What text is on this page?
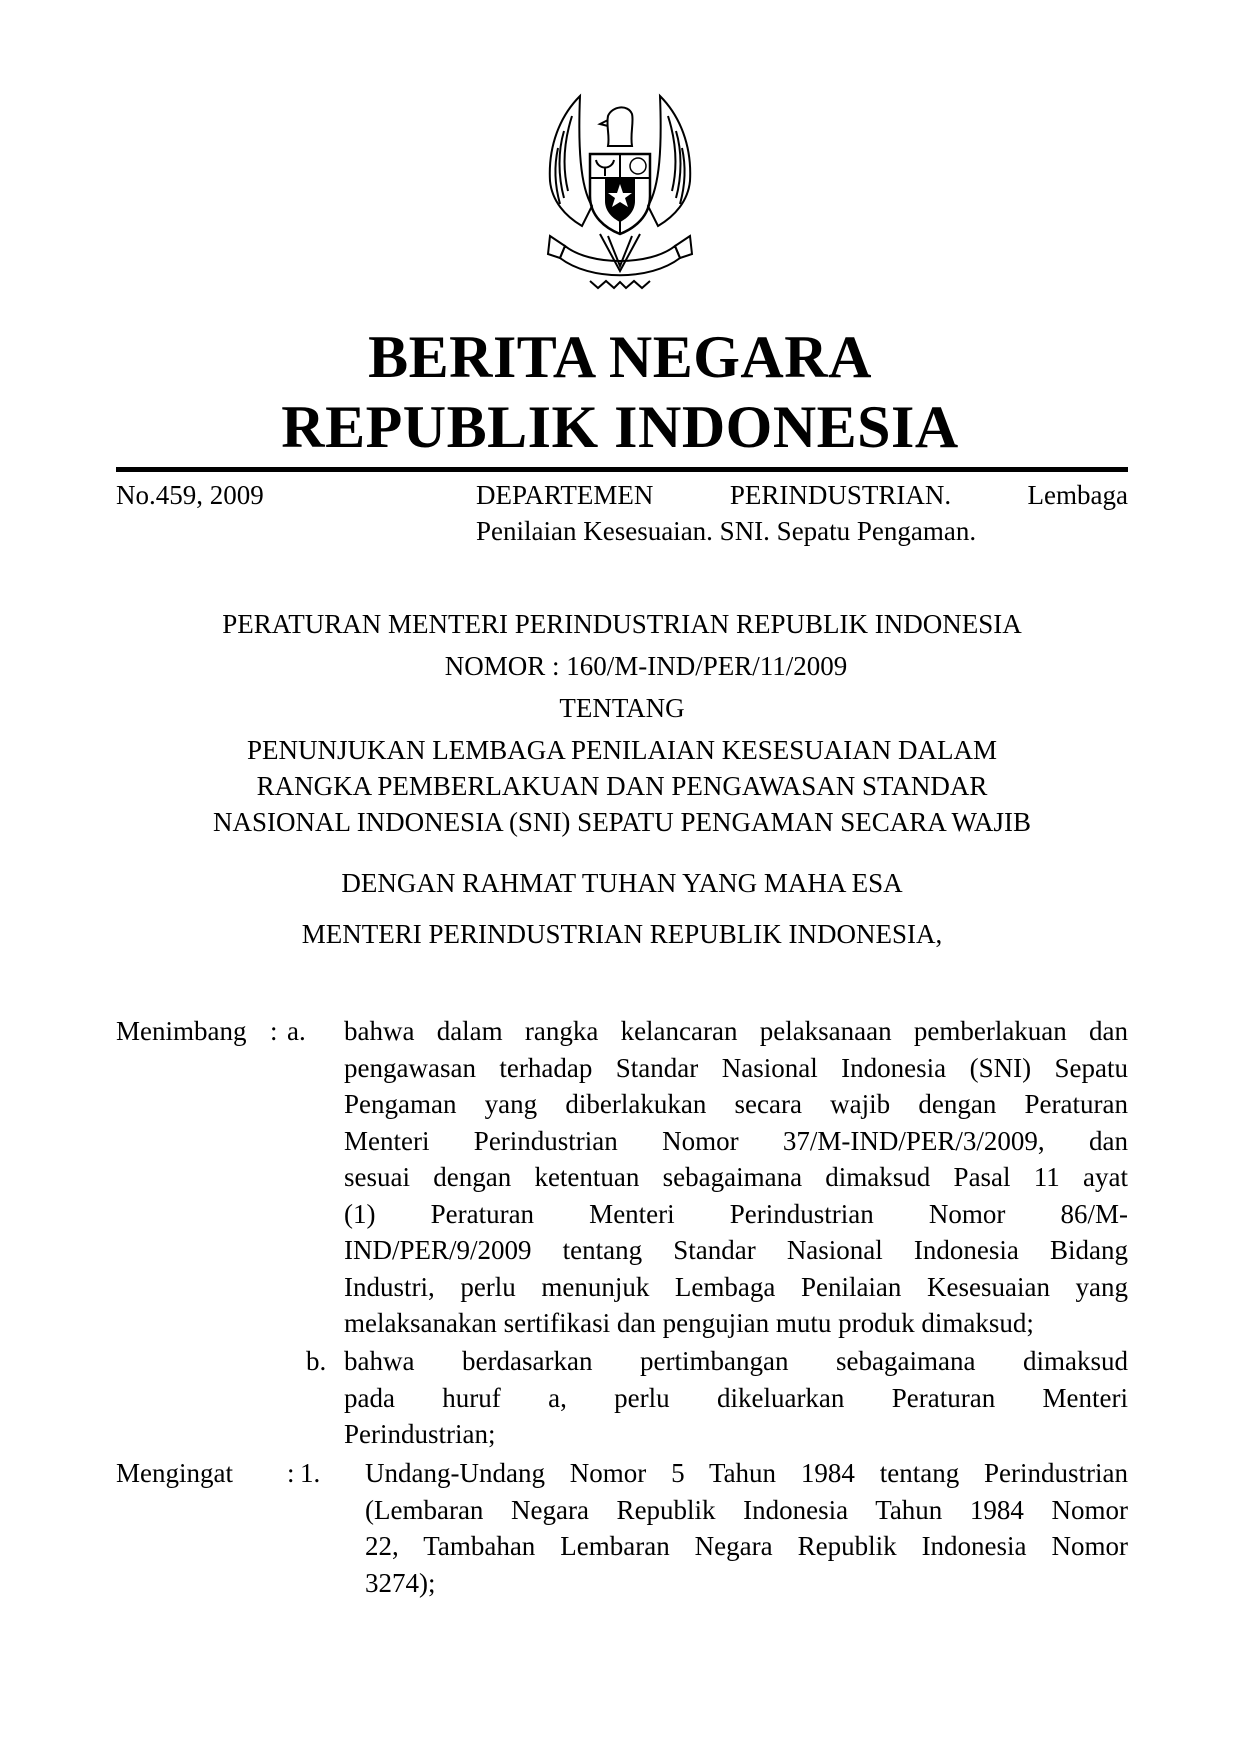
BERITA NEGARA
REPUBLIK INDONESIA
No.459, 2009	DEPARTEMEN PERINDUSTRIAN. Lembaga
Penilaian Kesesuaian. SNI. Sepatu Pengaman.
PERATURAN MENTERI PERINDUSTRIAN REPUBLIK INDONESIA
NOMOR : 160/M-IND/PER/11/2009
TENTANG
PENUNJUKAN LEMBAGA PENILAIAN KESESUAIAN DALAM
RANGKA PEMBERLAKUAN DAN PENGAWASAN STANDAR
NASIONAL INDONESIA (SNI) SEPATU PENGAMAN SECARA WAJIB
DENGAN RAHMAT TUHAN YANG MAHA ESA
MENTERI PERINDUSTRIAN REPUBLIK INDONESIA,
Menimbang : a. bahwa dalam rangka kelancaran pelaksanaan pemberlakuan dan
pengawasan terhadap Standar Nasional Indonesia (SNI) Sepatu
Pengaman yang diberlakukan secara wajib dengan Peraturan
Menteri Perindustrian Nomor 37/M-IND/PER/3/2009, dan
sesuai dengan ketentuan sebagaimana dimaksud Pasal 11 ayat
(1) Peraturan Menteri Perindustrian Nomor 86/M-
IND/PER/9/2009 tentang Standar Nasional Indonesia Bidang
Industri, perlu menunjuk Lembaga Penilaian Kesesuaian yang
melaksanakan sertifikasi dan pengujian mutu produk dimaksud;
b. bahwa berdasarkan pertimbangan sebagaimana dimaksud
pada huruf a, perlu dikeluarkan Peraturan Menteri
Perindustrian;
Mengingat : 1. Undang-Undang Nomor 5 Tahun 1984 tentang Perindustrian
(Lembaran Negara Republik Indonesia Tahun 1984 Nomor
22, Tambahan Lembaran Negara Republik Indonesia Nomor
3274);
